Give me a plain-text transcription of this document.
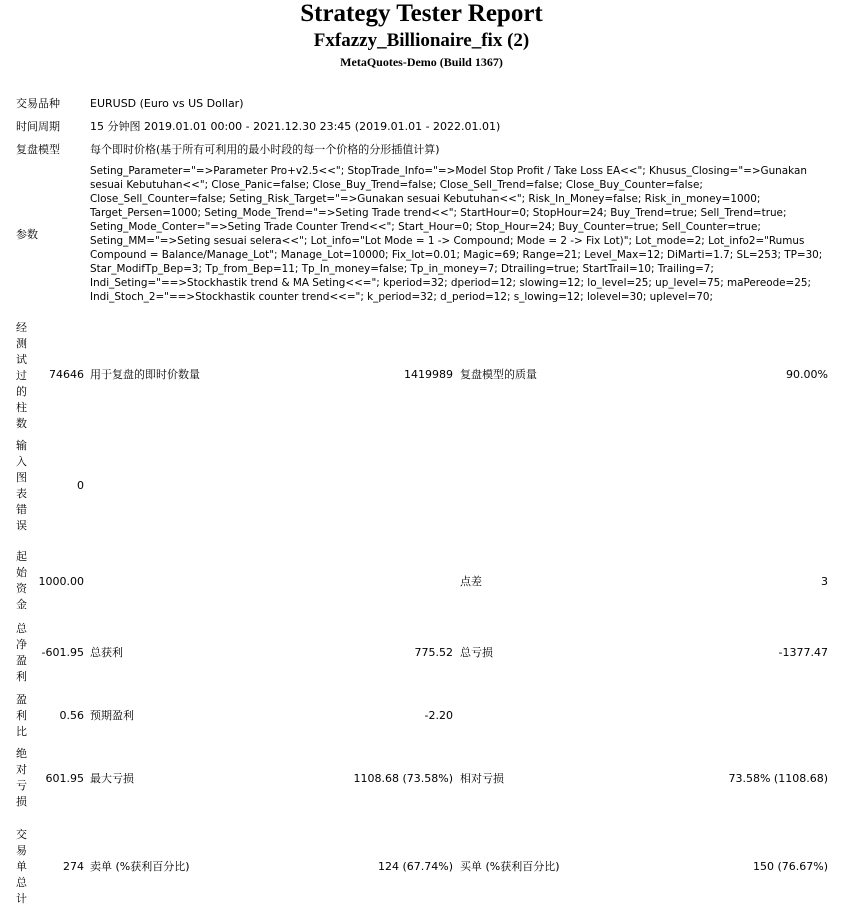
Strategy Tester Report
Fxfazzy_Billionaire_fix (2)
MetaQuotes-Demo (Build 1367)
交易品种	EURUSD (Euro vs US Dollar)
时间周期	15 分钟图 2019.01.01 00:00 - 2021.12.30 23:45 (2019.01.01 - 2022.01.01)
复盘模型	每个即时价格(基于所有可利用的最小时段的每一个价格的分形插值计算)
参数
Seting_Parameter="=>Parameter Pro+v2.5<<"; StopTrade_Info="=>Model Stop Profit / Take Loss EA<<"; Khusus_Closing="=>Gunakan sesuai Kebutuhan<<"; Close_Panic=false; Close_Buy_Trend=false; Close_Sell_Trend=false; Close_Buy_Counter=false; Close_Sell_Counter=false; Seting_Risk_Target="=>Gunakan sesuai Kebutuhan<<"; Risk_In_Money=false; Risk_in_money=1000; Target_Persen=1000; Seting_Mode_Trend="=>Seting Trade trend<<"; StartHour=0; StopHour=24; Buy_Trend=true; Sell_Trend=true; Seting_Mode_Conter="=>Seting Trade Counter Trend<<"; Start_Hour=0; Stop_Hour=24; Buy_Counter=true; Sell_Counter=true; Seting_MM="=>Seting sesuai selera<<"; Lot_info="Lot Mode = 1 -> Compound; Mode = 2 -> Fix Lot)"; Lot_mode=2; Lot_info2="Rumus Compound = Balance/Manage_Lot"; Manage_Lot=10000; Fix_lot=0.01; Magic=69; Range=21; Level_Max=12; DiMarti=1.7; SL=253; TP=30; Star_ModifTp_Bep=3; Tp_from_Bep=11; Tp_In_money=false; Tp_in_money=7; Dtrailing=true; StartTrail=10; Trailing=7; Indi_Seting="==>Stockhastik trend & MA Seting<<="; kperiod=32; dperiod=12; slowing=12; lo_level=25; up_level=75; maPereode=25; Indi_Stoch_2="==>Stockhastik counter trend<<="; k_period=32; d_period=12; s_lowing=12; lolevel=30; uplevel=70;
经测试过的柱数
74646 用于复盘的即时价数量	1419989 复盘模型的质量	90.00%
输入图表错误
0
起始资金
1000.00	点差	3
总净盈利
-601.95 总获利	775.52 总亏损	-1377.47
盈利比
0.56 预期盈利	-2.20
绝对亏损
601.95 最大亏损	1108.68 (73.58%) 相对亏损	73.58% (1108.68)
交易单总计
274 卖单 (%获利百分比)	124 (67.74%) 买单 (%获利百分比)	150 (76.67%)
